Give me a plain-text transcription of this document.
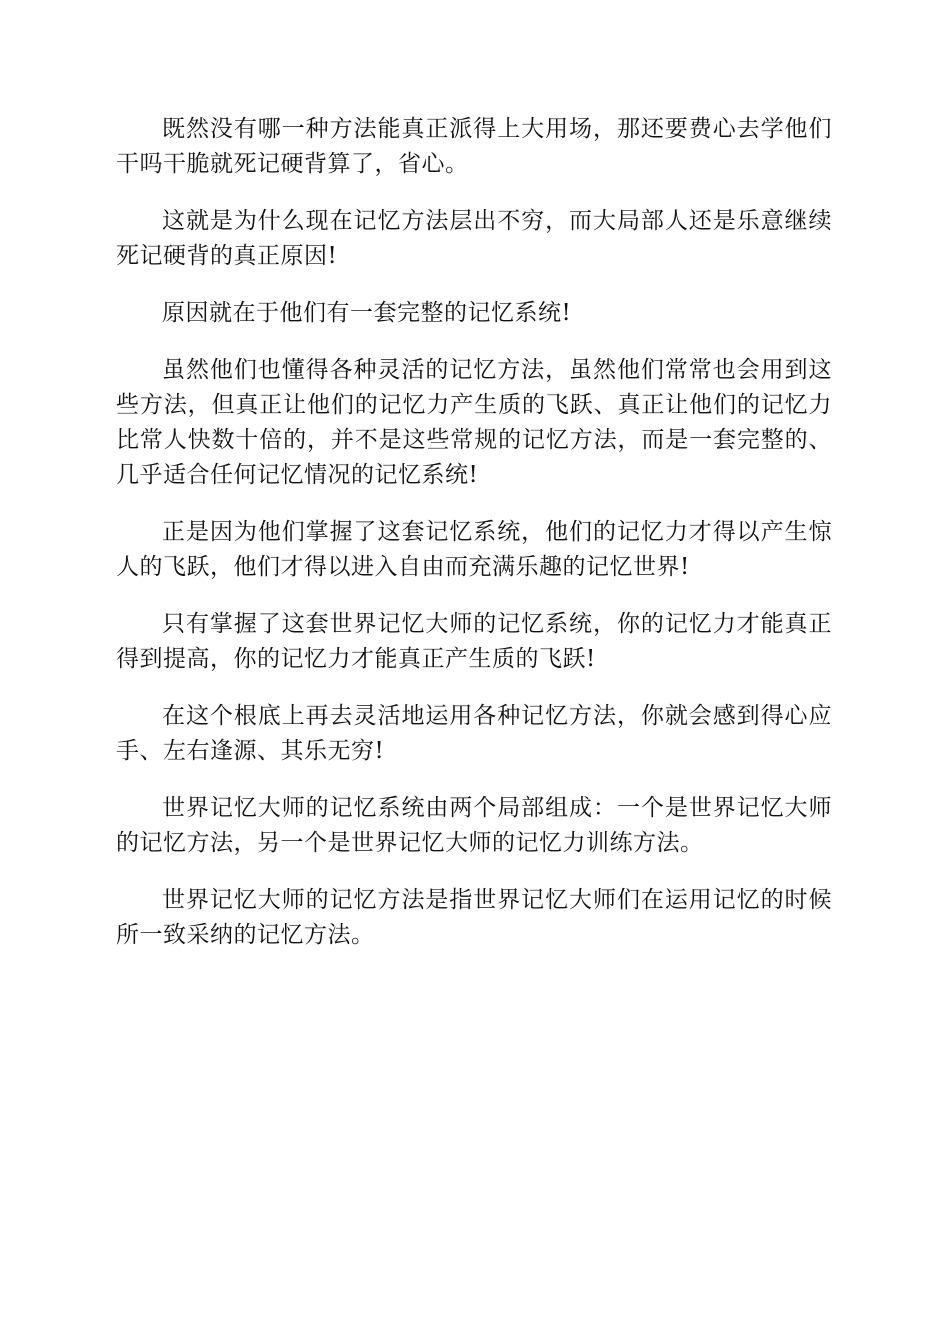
既然没有哪一种方法能真正派得上大用场，那还要费心去学他们干吗干脆就死记硬背算了，省心。

这就是为什么现在记忆方法层出不穷，而大局部人还是乐意继续死记硬背的真正原因!

原因就在于他们有一套完整的记忆系统!

虽然他们也懂得各种灵活的记忆方法，虽然他们常常也会用到这些方法，但真正让他们的记忆力产生质的飞跃、真正让他们的记忆力比常人快数十倍的，并不是这些常规的记忆方法，而是一套完整的、几乎适合任何记忆情况的记忆系统!

正是因为他们掌握了这套记忆系统，他们的记忆力才得以产生惊人的飞跃，他们才得以进入自由而充满乐趣的记忆世界!

只有掌握了这套世界记忆大师的记忆系统，你的记忆力才能真正得到提高，你的记忆力才能真正产生质的飞跃!

在这个根底上再去灵活地运用各种记忆方法，你就会感到得心应手、左右逢源、其乐无穷!

世界记忆大师的记忆系统由两个局部组成：一个是世界记忆大师的记忆方法，另一个是世界记忆大师的记忆力训练方法。

世界记忆大师的记忆方法是指世界记忆大师们在运用记忆的时候所一致采纳的记忆方法。
